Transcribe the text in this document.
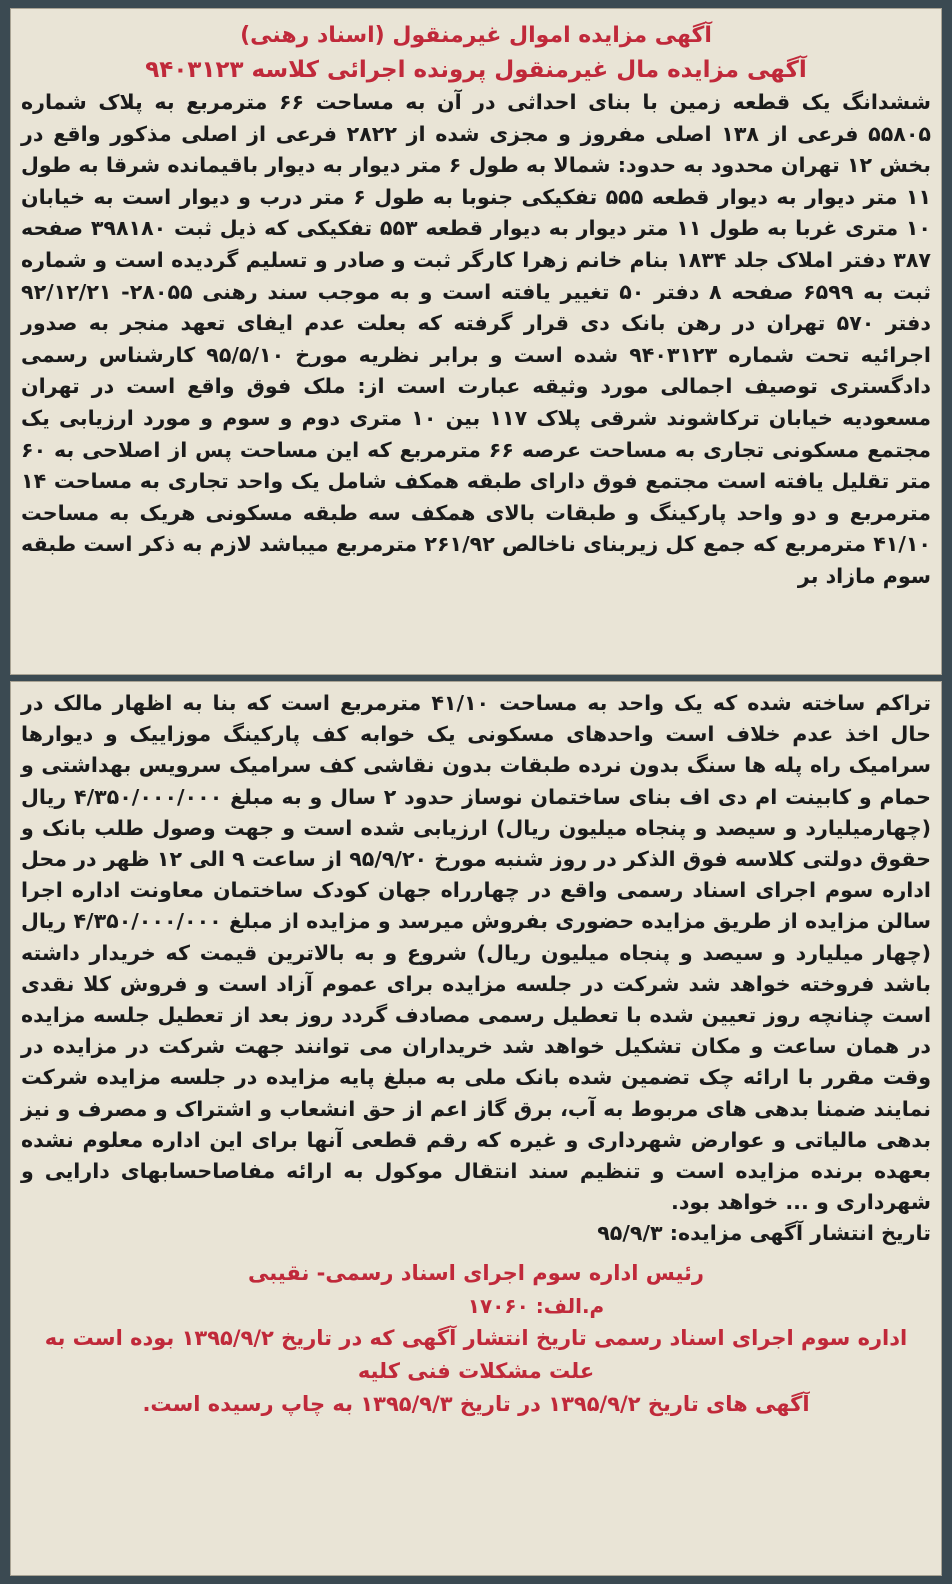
آگهی مزایده اموال غیرمنقول (اسناد رهنی)

آگهی مزایده مال غیرمنقول پرونده اجرائی کلاسه ۹۴۰۳۱۲۳

ششدانگ یک قطعه زمین با بنای احداثی در آن به مساحت ۶۶ مترمربع به پلاک شماره ۵۵۸۰۵ فرعی از ۱۳۸ اصلی مفروز و مجزی شده از ۲۸۲۲ فرعی از اصلی مذکور واقع در بخش ۱۲ تهران محدود به حدود: شمالا به طول ۶ متر دیوار به دیوار باقیمانده شرقا به طول ۱۱ متر دیوار به دیوار قطعه ۵۵۵ تفکیکی جنوبا به طول ۶ متر درب و دیوار است به خیابان ۱۰ متری غربا به طول ۱۱ متر دیوار به دیوار قطعه ۵۵۳ تفکیکی که ذیل ثبت ۳۹۸۱۸۰ صفحه ۳۸۷ دفتر املاک جلد ۱۸۳۴ بنام خانم زهرا کارگر ثبت و صادر و تسلیم گردیده است و شماره ثبت به ۶۵۹۹ صفحه ۸ دفتر ۵۰ تغییر یافته است و به موجب سند رهنی ۲۸۰۵۵- ۹۲/۱۲/۲۱ دفتر ۵۷۰ تهران در رهن بانک دی قرار گرفته که بعلت عدم ایفای تعهد منجر به صدور اجرائیه تحت شماره ۹۴۰۳۱۲۳ شده است و برابر نظریه مورخ ۹۵/۵/۱۰ کارشناس رسمی دادگستری توصیف اجمالی مورد وثیقه عبارت است از: ملک فوق واقع است در تهران مسعودیه خیابان ترکاشوند شرقی پلاک ۱۱۷ بین ۱۰ متری دوم و سوم و مورد ارزیابی یک مجتمع مسکونی تجاری به مساحت عرصه ۶۶ مترمربع که این مساحت پس از اصلاحی به ۶۰ متر تقلیل یافته است مجتمع فوق دارای طبقه همکف شامل یک واحد تجاری به مساحت ۱۴ مترمربع و دو واحد پارکینگ و طبقات بالای همکف سه طبقه مسکونی هریک به مساحت ۴۱/۱۰ مترمربع که جمع کل زیربنای ناخالص ۲۶۱/۹۲ مترمربع میباشد لازم به ذکر است طبقه سوم مازاد بر

تراکم ساخته شده که یک واحد به مساحت ۴۱/۱۰ مترمربع است که بنا به اظهار مالک در حال اخذ عدم خلاف است واحدهای مسکونی یک خوابه کف پارکینگ موزاییک و دیوارها سرامیک راه پله ها سنگ بدون نرده طبقات بدون نقاشی کف سرامیک سرویس بهداشتی و حمام و کابینت ام دی اف بنای ساختمان نوساز حدود ۲ سال و به مبلغ ۴/۳۵۰/۰۰۰/۰۰۰ ریال (چهارمیلیارد و سیصد و پنجاه میلیون ریال) ارزیابی شده است و جهت وصول طلب بانک و حقوق دولتی کلاسه فوق الذکر در روز شنبه مورخ ۹۵/۹/۲۰ از ساعت ۹ الی ۱۲ ظهر در محل اداره سوم اجرای اسناد رسمی واقع در چهارراه جهان کودک ساختمان معاونت اداره اجرا سالن مزایده از طریق مزایده حضوری بفروش میرسد و مزایده از مبلغ ۴/۳۵۰/۰۰۰/۰۰۰ ریال (چهار میلیارد و سیصد و پنجاه میلیون ریال) شروع و به بالاترین قیمت که خریدار داشته باشد فروخته خواهد شد شرکت در جلسه مزایده برای عموم آزاد است و فروش کلا نقدی است چنانچه روز تعیین شده با تعطیل رسمی مصادف گردد روز بعد از تعطیل جلسه مزایده در همان ساعت و مکان تشکیل خواهد شد خریداران می توانند جهت شرکت در مزایده در وقت مقرر با ارائه چک تضمین شده بانک ملی به مبلغ پایه مزایده در جلسه مزایده شرکت نمایند ضمنا بدهی های مربوط به آب، برق گاز اعم از حق انشعاب و اشتراک و مصرف و نیز بدهی مالیاتی و عوارض شهرداری و غیره که رقم قطعی آنها برای این اداره معلوم نشده بعهده برنده مزایده است و تنظیم سند انتقال موکول به ارائه مفاصاحسابهای دارایی و شهرداری و ... خواهد بود.

تاریخ انتشار آگهی مزایده: ۹۵/۹/۳

رئیس اداره سوم اجرای اسناد رسمی- نقیبی

م.الف: ۱۷۰۶۰

اداره سوم اجرای اسناد رسمی تاریخ انتشار آگهی که در تاریخ ۱۳۹۵/۹/۲ بوده است به علت مشکلات فنی کلیه

آگهی های تاریخ ۱۳۹۵/۹/۲ در تاریخ ۱۳۹۵/۹/۳ به چاپ رسیده است.
